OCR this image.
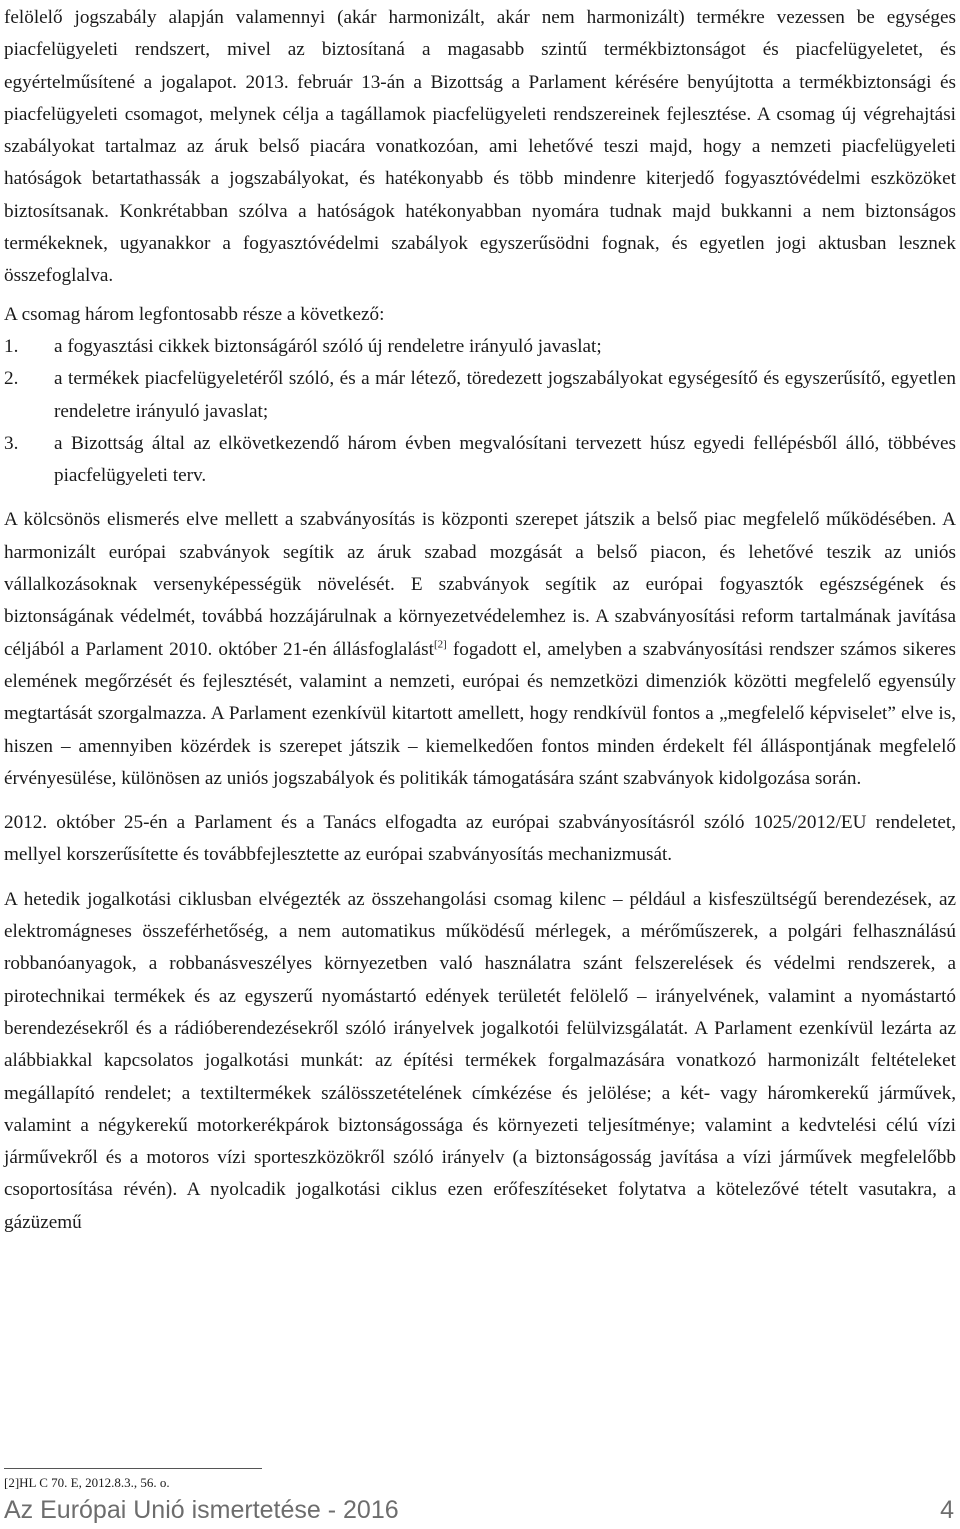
felölelő jogszabály alapján valamennyi (akár harmonizált, akár nem harmonizált) termékre vezessen be egységes piacfelügyeleti rendszert, mivel az biztosítaná a magasabb szintű termékbiztonságot és piacfelügyeletet, és egyértelműsítené a jogalapot. 2013. február 13-án a Bizottság a Parlament kérésére benyújtotta a termékbiztonsági és piacfelügyeleti csomagot, melynek célja a tagállamok piacfelügyeleti rendszereinek fejlesztése. A csomag új végrehajtási szabályokat tartalmaz az áruk belső piacára vonatkozóan, ami lehetővé teszi majd, hogy a nemzeti piacfelügyeleti hatóságok betartathassák a jogszabályokat, és hatékonyabb és több mindenre kiterjedő fogyasztóvédelmi eszközöket biztosítsanak. Konkrétabban szólva a hatóságok hatékonyabban nyomára tudnak majd bukkanni a nem biztonságos termékeknek, ugyanakkor a fogyasztóvédelmi szabályok egyszerűsödni fognak, és egyetlen jogi aktusban lesznek összefoglalva.

A csomag három legfontosabb része a következő:

1.	a fogyasztási cikkek biztonságáról szóló új rendeletre irányuló javaslat;
2.	a termékek piacfelügyeletéről szóló, és a már létező, töredezett jogszabályokat egységesítő és egyszerűsítő, egyetlen rendeletre irányuló javaslat;
3.	a Bizottság által az elkövetkezendő három évben megvalósítani tervezett húsz egyedi fellépésből álló, többéves piacfelügyeleti terv.

A kölcsönös elismerés elve mellett a szabványosítás is központi szerepet játszik a belső piac megfelelő működésében. A harmonizált európai szabványok segítik az áruk szabad mozgását a belső piacon, és lehetővé teszik az uniós vállalkozásoknak versenyképességük növelését. E szabványok segítik az európai fogyasztók egészségének és biztonságának védelmét, továbbá hozzájárulnak a környezetvédelemhez is. A szabványosítási reform tartalmának javítása céljából a Parlament 2010. október 21-én állásfoglalást[2] fogadott el, amelyben a szabványosítási rendszer számos sikeres elemének megőrzését és fejlesztését, valamint a nemzeti, európai és nemzetközi dimenziók közötti megfelelő egyensúly megtartását szorgalmazza. A Parlament ezenkívül kitartott amellett, hogy rendkívül fontos a „megfelelő képviselet” elve is, hiszen – amennyiben közérdek is szerepet játszik – kiemelkedően fontos minden érdekelt fél álláspontjának megfelelő érvényesülése, különösen az uniós jogszabályok és politikák támogatására szánt szabványok kidolgozása során.

2012. október 25-én a Parlament és a Tanács elfogadta az európai szabványosításról szóló 1025/2012/EU rendeletet, mellyel korszerűsítette és továbbfejlesztette az európai szabványosítás mechanizmusát.

A hetedik jogalkotási ciklusban elvégezték az összehangolási csomag kilenc – például a kisfeszültségű berendezések, az elektromágneses összeférhetőség, a nem automatikus működésű mérlegek, a mérőműszerek, a polgári felhasználású robbanóanyagok, a robbanásveszélyes környezetben való használatra szánt felszerelések és védelmi rendszerek, a pirotechnikai termékek és az egyszerű nyomástartó edények területét felölelő – irányelvének, valamint a nyomástartó berendezésekről és a rádióberendezésekről szóló irányelvek jogalkotói felülvizsgálatát. A Parlament ezenkívül lezárta az alábbiakkal kapcsolatos jogalkotási munkát: az építési termékek forgalmazására vonatkozó harmonizált feltételeket megállapító rendelet; a textiltermékek szálösszetételének címkézése és jelölése; a két- vagy háromkerekű járművek, valamint a négykerekű motorkerékpárok biztonságossága és környezeti teljesítménye; valamint a kedvtelési célú vízi járművekről és a motoros vízi sporteszközökről szóló irányelv (a biztonságosság javítása a vízi járművek megfelelőbb csoportosítása révén). A nyolcadik jogalkotási ciklus ezen erőfeszítéseket folytatva a kötelezővé tételt vasutakra, a gázüzemű

[2]HL C 70. E, 2012.8.3., 56. o.

Az Európai Unió ismertetése - 2016	4
